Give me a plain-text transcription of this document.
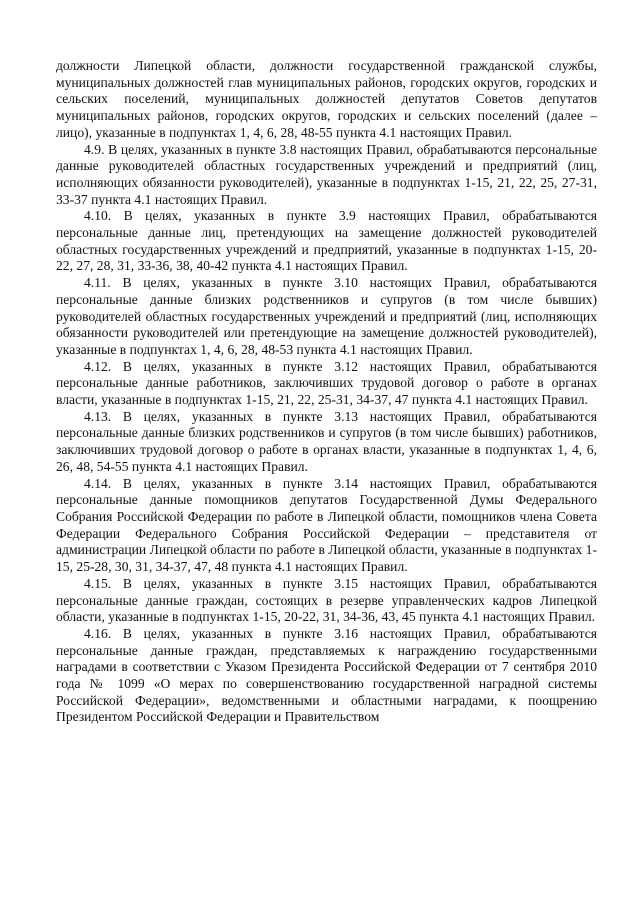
должности Липецкой области, должности государственной гражданской службы, муниципальных должностей глав муниципальных районов, городских округов, городских и сельских поселений, муниципальных должностей депутатов Советов депутатов муниципальных районов, городских округов, городских и сельских поселений (далее – лицо), указанные в подпунктах 1, 4, 6, 28, 48-55 пункта 4.1 настоящих Правил.

4.9. В целях, указанных в пункте 3.8 настоящих Правил, обрабатываются персональные данные руководителей областных государственных учреждений и предприятий (лиц, исполняющих обязанности руководителей), указанные в подпунктах 1-15, 21, 22, 25, 27-31, 33-37 пункта 4.1 настоящих Правил.

4.10. В целях, указанных в пункте 3.9 настоящих Правил, обрабатываются персональные данные лиц, претендующих на замещение должностей руководителей областных государственных учреждений и предприятий, указанные в подпунктах 1-15, 20-22, 27, 28, 31, 33-36, 38, 40-42 пункта 4.1 настоящих Правил.

4.11. В целях, указанных в пункте 3.10 настоящих Правил, обрабатываются персональные данные близких родственников и супругов (в том числе бывших) руководителей областных государственных учреждений и предприятий (лиц, исполняющих обязанности руководителей или претендующие на замещение должностей руководителей), указанные в подпунктах 1, 4, 6, 28, 48-53 пункта 4.1 настоящих Правил.

4.12. В целях, указанных в пункте 3.12 настоящих Правил, обрабатываются персональные данные работников, заключивших трудовой договор о работе в органах власти, указанные в подпунктах 1-15, 21, 22, 25-31, 34-37, 47 пункта 4.1 настоящих Правил.

4.13. В целях, указанных в пункте 3.13 настоящих Правил, обрабатываются персональные данные близких родственников и супругов (в том числе бывших) работников, заключивших трудовой договор о работе в органах власти, указанные в подпунктах 1, 4, 6, 26, 48, 54-55 пункта 4.1 настоящих Правил.

4.14. В целях, указанных в пункте 3.14 настоящих Правил, обрабатываются персональные данные помощников депутатов Государственной Думы Федерального Собрания Российской Федерации по работе в Липецкой области, помощников члена Совета Федерации Федерального Собрания Российской Федерации – представителя от администрации Липецкой области по работе в Липецкой области, указанные в подпунктах 1-15, 25-28, 30, 31, 34-37, 47, 48 пункта 4.1 настоящих Правил.

4.15. В целях, указанных в пункте 3.15 настоящих Правил, обрабатываются персональные данные граждан, состоящих в резерве управленческих кадров Липецкой области, указанные в подпунктах 1-15, 20-22, 31, 34-36, 43, 45 пункта 4.1 настоящих Правил.

4.16. В целях, указанных в пункте 3.16 настоящих Правил, обрабатываются персональные данные граждан, представляемых к награждению государственными наградами в соответствии с Указом Президента Российской Федерации от 7 сентября 2010 года № 1099 «О мерах по совершенствованию государственной наградной системы Российской Федерации», ведомственными и областными наградами, к поощрению Президентом Российской Федерации и Правительством
